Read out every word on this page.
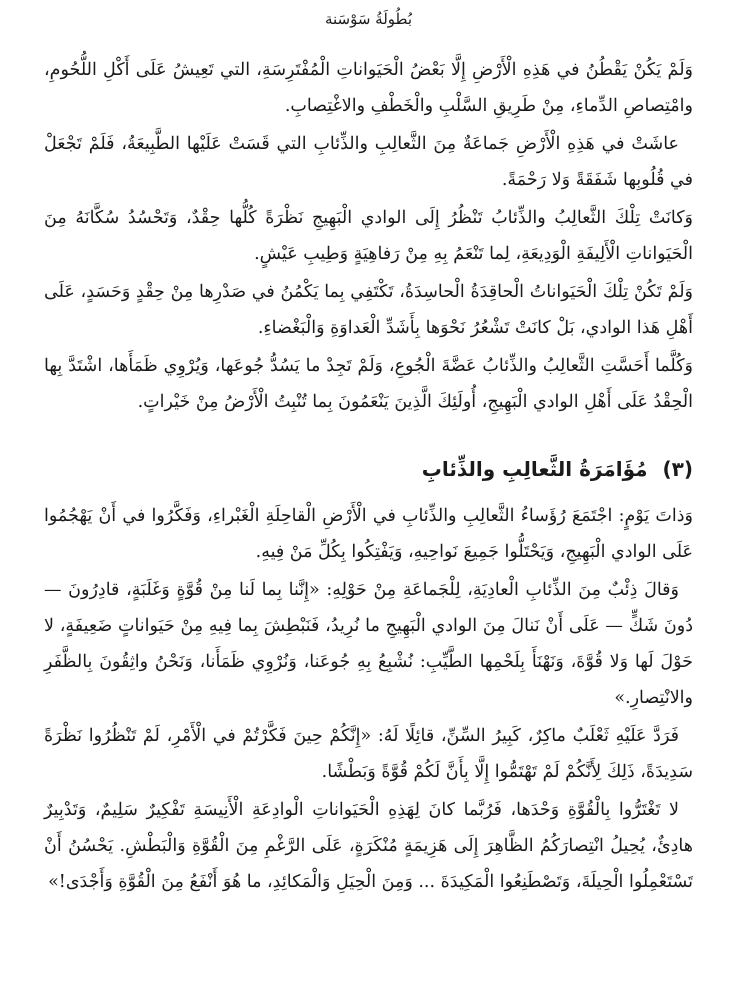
بُطُولَةُ سَوْسَنة

وَلَمْ يَكُنْ يَقْطُنُ في هَذِهِ الْأَرْضِ إِلَّا بَعْضُ الْحَيَواناتِ الْمُفْتَرِسَةِ، التي تَعِيشُ عَلَى أَكْلِ اللُّحُومِ، وامْتِصاصِ الدِّماءِ، مِنْ طَرِيقِ السَّلْبِ والْخَطْفِ والاغْتِصابِ.

عاشَتْ في هَذِهِ الْأَرْضِ جَماعَةٌ مِنَ الثَّعالِبِ والذِّئابِ التي قَسَتْ عَلَيْها الطَّبِيعَةُ، فَلَمْ تَجْعَلْ في قُلُوبِها شَفَقَةً وَلا رَحْمَةً.

وَكانَتْ تِلْكَ الثَّعالِبُ والذِّئابُ تَنْظُرُ إِلَى الوادي الْبَهِيجِ نَظْرَةً كُلُّها حِقْدٌ، وَتَحْسُدُ سُكَّانَهُ مِنَ الْحَيَواناتِ الْأَلِيفَةِ الْوَدِيعَةِ، لِما تَنْعَمُ بِهِ مِنْ رَفاهِيَةٍ وَطِيبِ عَيْشٍ.

وَلَمْ تَكُنْ تِلْكَ الْحَيَواناتُ الْحاقِدَةُ الْحاسِدَةُ، تَكْتَفِي بِما يَكْمُنُ في صَدْرِها مِنْ حِقْدٍ وَحَسَدٍ، عَلَى أَهْلِ هَذا الوادي، بَلْ كانَتْ تَشْعُرُ نَحْوَها بِأَشَدِّ الْعَداوَةِ وَالْبَغْضاءِ.

وَكُلَّما أَحَسَّتِ الثَّعالِبُ والذِّئابُ عَضَّةَ الْجُوعِ، وَلَمْ تَجِدْ ما يَسُدُّ جُوعَها، وَيُرْوِي ظَمَأَها، اشْتَدَّ بِها الْحِقْدُ عَلَى أَهْلِ الوادي الْبَهِيجِ، أُولَئِكَ الَّذِينَ يَنْعَمُونَ بِما تُنْبِتُ الْأَرْضُ مِنْ خَيْراتٍ.

(٣) مُؤَامَرَةُ الثَّعالِبِ والذِّئابِ

وَذاتَ يَوْمٍ: اجْتَمَعَ رُؤَساءُ الثَّعالِبِ والذِّئابِ في الْأَرْضِ الْقاحِلَةِ الْغَبْراءِ، وَفَكَّرُوا في أَنْ يَهْجُمُوا عَلَى الوادي الْبَهِيجِ، وَيَحْتَلُّوا جَمِيعَ نَواحِيهِ، وَيَفْتِكُوا بِكُلِّ مَنْ فِيهِ.

وَقالَ ذِئْبٌ مِنَ الذِّئابِ الْعادِيَةِ، لِلْجَماعَةِ مِنْ حَوْلِهِ: «إِنَّنا بِما لَنا مِنْ قُوَّةٍ وَغَلَبَةٍ، قادِرُونَ — دُونَ شَكٍّ — عَلَى أَنْ نَنالَ مِنَ الوادي الْبَهِيجِ ما نُرِيدُ، فَنَبْطِشَ بِما فِيهِ مِنْ حَيَواناتٍ ضَعِيفَةٍ، لا حَوْلَ لَها وَلا قُوَّةَ، وَنَهْنَأَ بِلَحْمِها الطَّيِّبِ: نُشْبِعُ بِهِ جُوعَنا، وَنُرْوِي ظَمَأَنا، وَنَحْنُ واثِقُونَ بِالظَّفَرِ والانْتِصارِ.»

فَرَدَّ عَلَيْهِ ثَعْلَبٌ ماكِرٌ، كَبِيرُ السِّنِّ، قائِلًا لَهُ: «إِنَّكُمْ حِينَ فَكَّرْتُمْ في الْأَمْرِ، لَمْ تَنْظُرُوا نَظْرَةً سَدِيدَةً، ذَلِكَ لِأَنَّكُمْ لَمْ تَهْتَمُّوا إِلَّا بِأَنَّ لَكُمْ قُوَّةً وَبَطْشًا.

لا تَغْتَرُّوا بِالْقُوَّةِ وَحْدَها، فَرُبَّما كانَ لِهَذِهِ الْحَيَواناتِ الْوادِعَةِ الْأَنِيسَةِ تَفْكِيرٌ سَلِيمٌ، وَتَدْبِيرٌ هادِئٌ، يُحِيلُ انْتِصارَكُمُ الظَّاهِرَ إِلَى هَزِيمَةٍ مُنْكَرَةٍ، عَلَى الرَّغْمِ مِنَ الْقُوَّةِ وَالْبَطْشِ. يَحْسُنُ أَنْ تَسْتَعْمِلُوا الْحِيلَةَ، وَتَصْطَنِعُوا الْمَكِيدَةَ ... وَمِنَ الْحِيَلِ وَالْمَكائِدِ، ما هُوَ أَنْفَعُ مِنَ الْقُوَّةِ وَأَجْدَى!»
